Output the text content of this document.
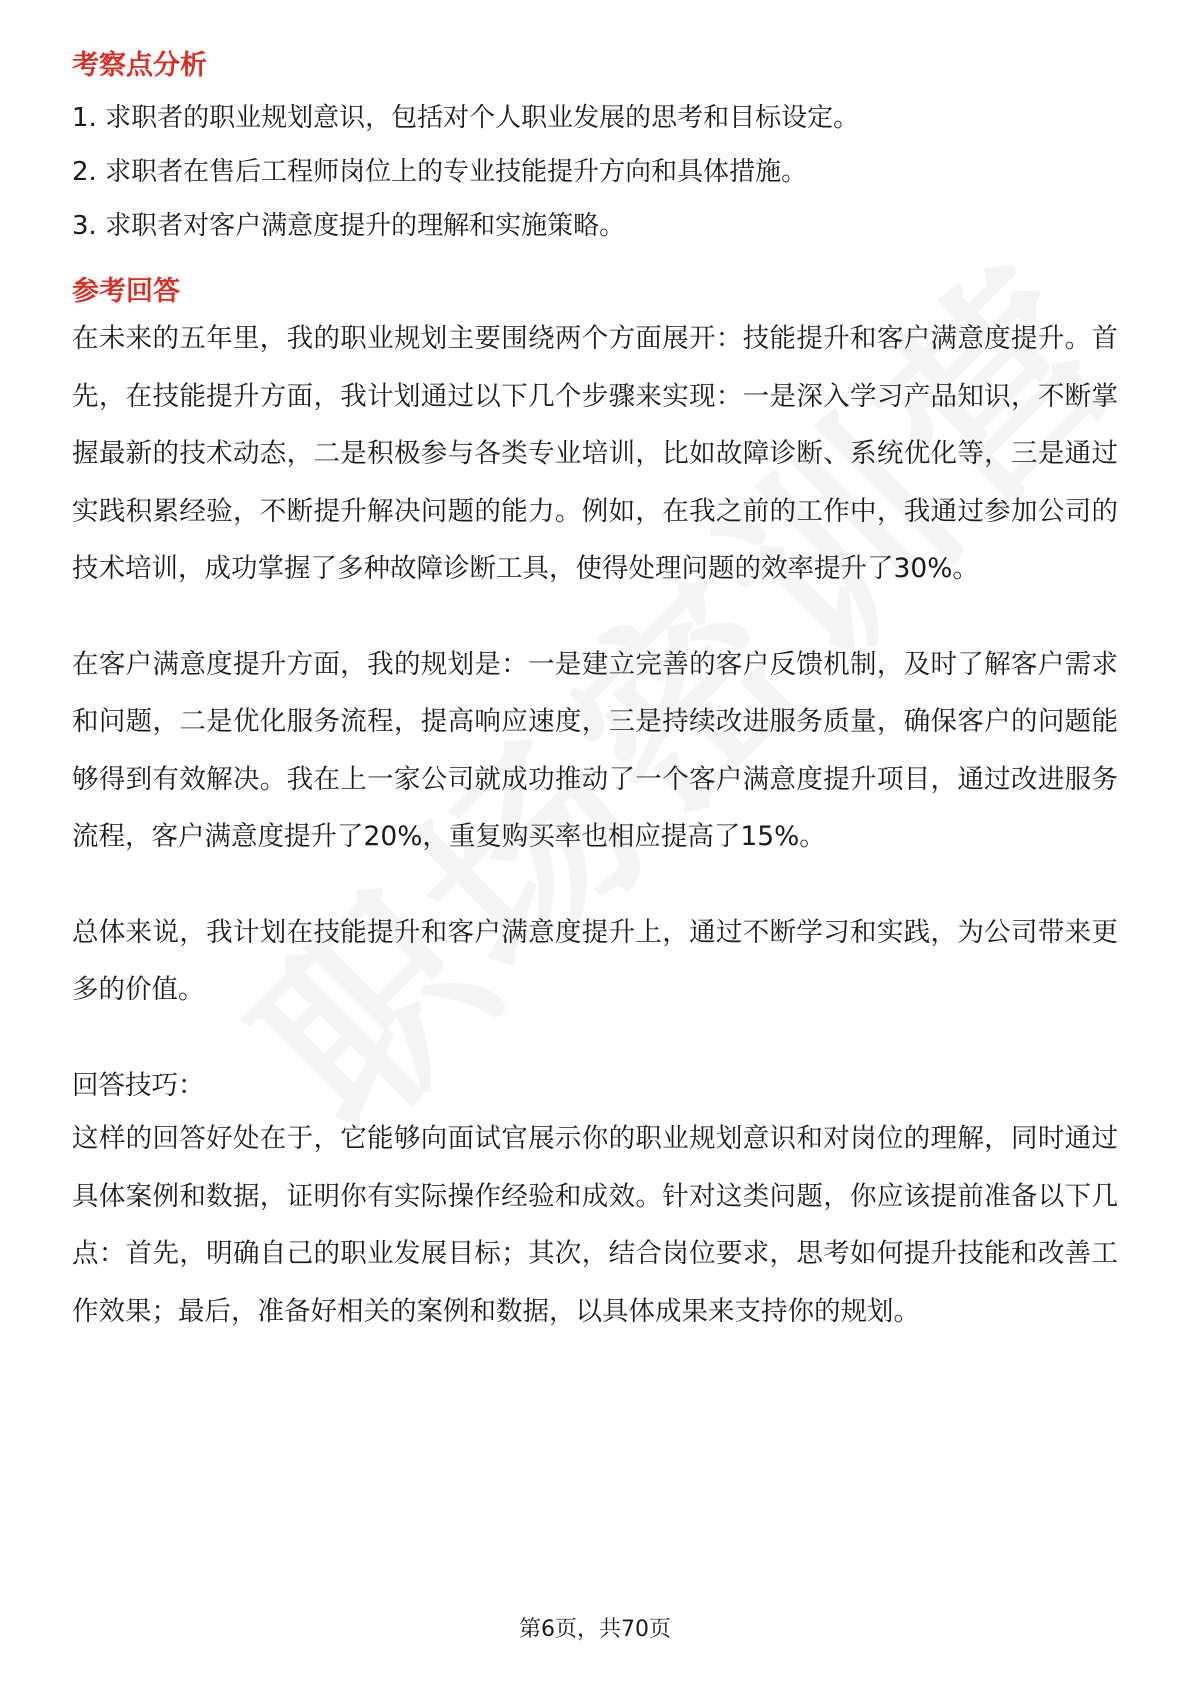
考察点分析

1. 求职者的职业规划意识，包括对个人职业发展的思考和目标设定。

2. 求职者在售后工程师岗位上的专业技能提升方向和具体措施。

3. 求职者对客户满意度提升的理解和实施策略。

参考回答

在未来的五年里，我的职业规划主要围绕两个方面展开：技能提升和客户满意度提升。首先，在技能提升方面，我计划通过以下几个步骤来实现：一是深入学习产品知识，不断掌握最新的技术动态，二是积极参与各类专业培训，比如故障诊断、系统优化等，三是通过实践积累经验，不断提升解决问题的能力。例如，在我之前的工作中，我通过参加公司的技术培训，成功掌握了多种故障诊断工具，使得处理问题的效率提升了30%。

在客户满意度提升方面，我的规划是：一是建立完善的客户反馈机制，及时了解客户需求和问题，二是优化服务流程，提高响应速度，三是持续改进服务质量，确保客户的问题能够得到有效解决。我在上一家公司就成功推动了一个客户满意度提升项目，通过改进服务流程，客户满意度提升了20%，重复购买率也相应提高了15%。

总体来说，我计划在技能提升和客户满意度提升上，通过不断学习和实践，为公司带来更多的价值。

回答技巧：

这样的回答好处在于，它能够向面试官展示你的职业规划意识和对岗位的理解，同时通过具体案例和数据，证明你有实际操作经验和成效。针对这类问题，你应该提前准备以下几点：首先，明确自己的职业发展目标；其次，结合岗位要求，思考如何提升技能和改善工作效果；最后，准备好相关的案例和数据，以具体成果来支持你的规划。

第6页，共70页
